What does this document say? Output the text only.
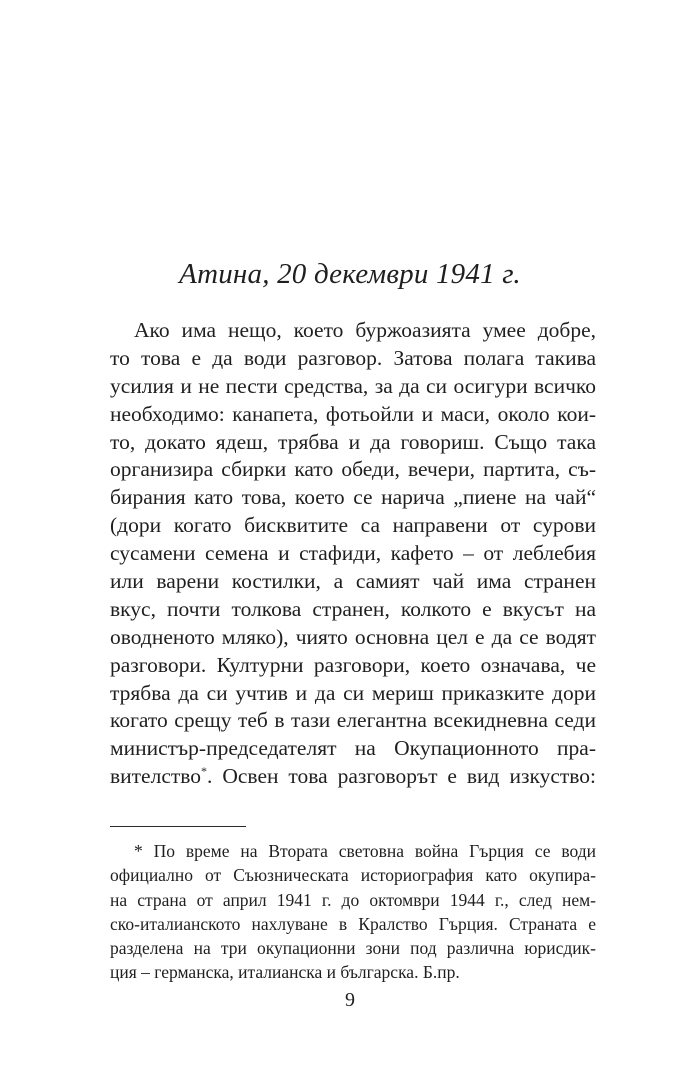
Атина, 20 декември 1941 г.
Ако има нещо, което буржоазията умее добре,
то това е да води разговор. Затова полага такива
усилия и не пести средства, за да си осигури всичко
необходимо: канапета, фотьойли и маси, около кои-
то, докато ядеш, трябва и да говориш. Също така
организира сбирки като обеди, вечери, партита, съ-
бирания като това, което се нарича „пиене на чай“
(дори когато бисквитите са направени от сурови
сусамени семена и стафиди, кафето – от леблебия
или варени костилки, а самият чай има странен
вкус, почти толкова странен, колкото е вкусът на
оводненото мляко), чиято основна цел е да се водят
разговори. Културни разговори, което означава, че
трябва да си учтив и да си мериш приказките дори
когато срещу теб в тази елегантна всекидневна седи
министър-председателят на Окупационното пра-
вителство*. Освен това разговорът е вид изкуство:
* По време на Втората световна война Гърция се води
официално от Съюзническата историография като окупира-
на страна от април 1941 г. до октомври 1944 г., след нем-
ско-италианското нахлуване в Кралство Гърция. Страната е
разделена на три окупационни зони под различна юрисдик-
ция – германска, италианска и българска. Б.пр.
9
